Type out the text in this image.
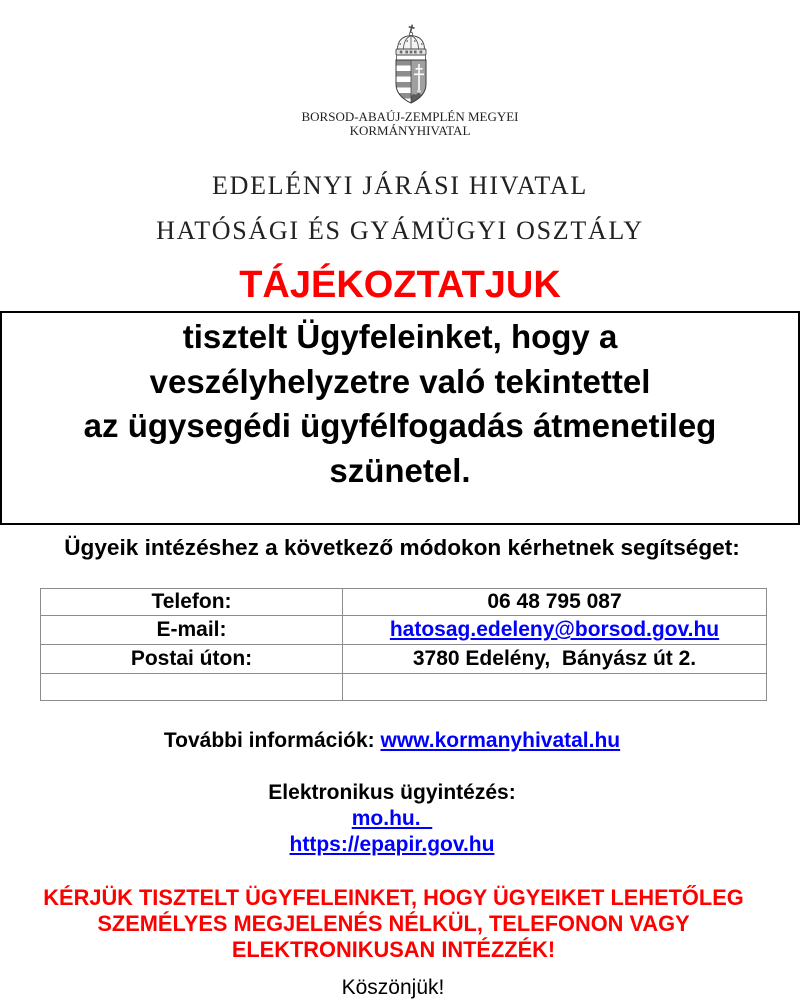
BORSOD-ABAÚJ-ZEMPLÉN MEGYEI
KORMÁNYHIVATAL
EDELÉNYI JÁRÁSI HIVATAL
HATÓSÁGI ÉS GYÁMÜGYI OSZTÁLY
TÁJÉKOZTATJUK
tisztelt Ügyfeleinket, hogy a
veszélyhelyzetre való tekintettel
az ügysegédi ügyfélfogadás átmenetileg
szünetel.
Ügyeik intézéshez a következő módokon kérhetnek segítséget:
Telefon:	06 48 795 087
E-mail:	hatosag.edeleny@borsod.gov.hu
Postai úton:	3780 Edelény,  Bányász út 2.

További információk: www.kormanyhivatal.hu
Elektronikus ügyintézés:
mo.hu.
https://epapir.gov.hu
KÉRJÜK TISZTELT ÜGYFELEINKET, HOGY ÜGYEIKET LEHETŐLEG
SZEMÉLYES MEGJELENÉS NÉLKÜL, TELEFONON VAGY
ELEKTRONIKUSAN INTÉZZÉK!
Köszönjük!
